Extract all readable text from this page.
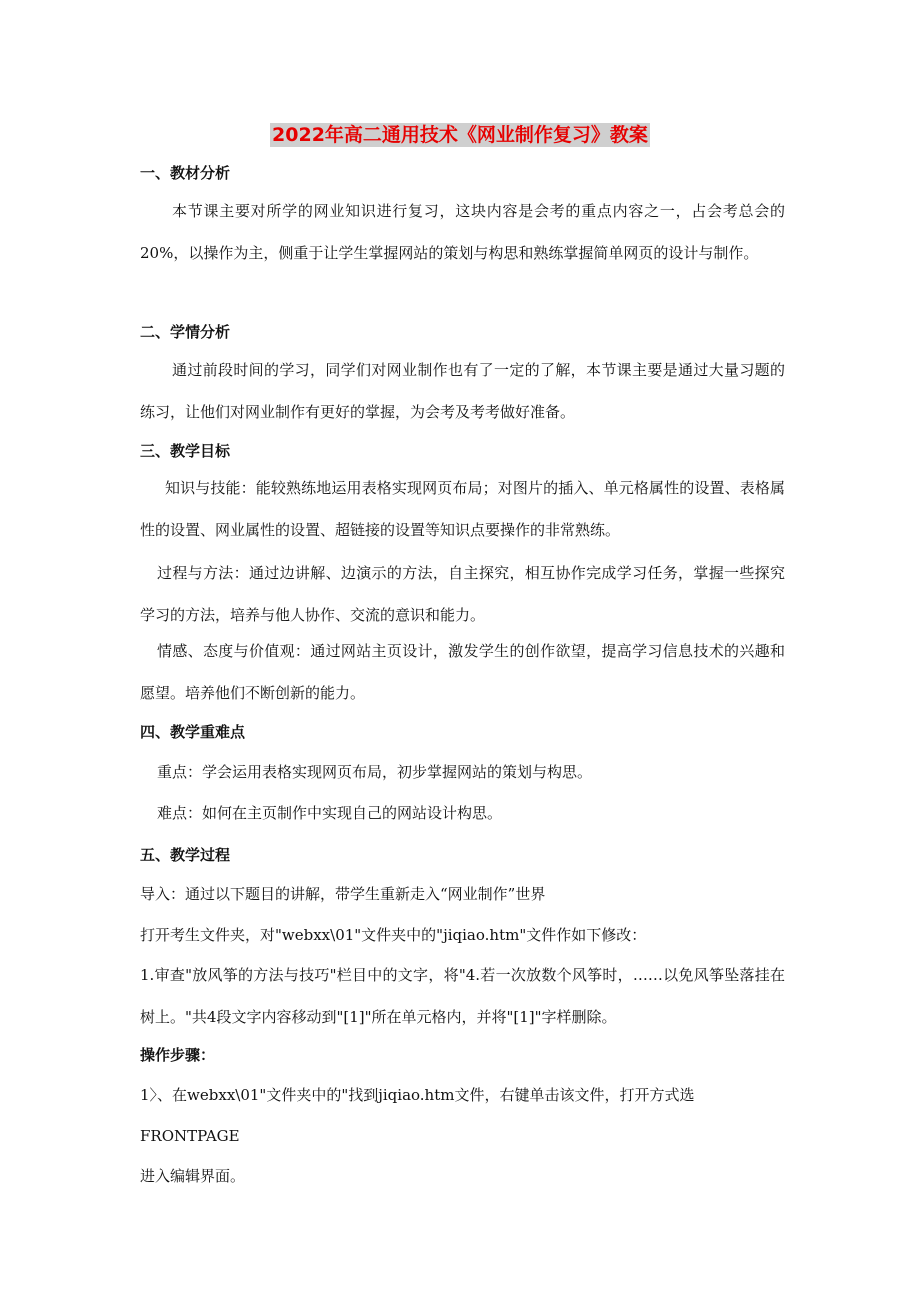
2022年高二通用技术《网业制作复习》教案
一、教材分析
本节课主要对所学的网业知识进行复习，这块内容是会考的重点内容之一，占会考总会的20%，以操作为主，侧重于让学生掌握网站的策划与构思和熟练掌握简单网页的设计与制作。
二、学情分析
通过前段时间的学习，同学们对网业制作也有了一定的了解，本节课主要是通过大量习题的练习，让他们对网业制作有更好的掌握，为会考及考考做好准备。
三、教学目标
知识与技能：能较熟练地运用表格实现网页布局；对图片的插入、单元格属性的设置、表格属性的设置、网业属性的设置、超链接的设置等知识点要操作的非常熟练。
过程与方法：通过边讲解、边演示的方法，自主探究，相互协作完成学习任务，掌握一些探究学习的方法，培养与他人协作、交流的意识和能力。
情感、态度与价值观：通过网站主页设计，激发学生的创作欲望，提高学习信息技术的兴趣和愿望。培养他们不断创新的能力。
四、教学重难点
重点：学会运用表格实现网页布局，初步掌握网站的策划与构思。
难点：如何在主页制作中实现自己的网站设计构思。
五、教学过程
导入：通过以下题目的讲解，带学生重新走入“网业制作”世界
打开考生文件夹，对"webxx\01"文件夹中的"jiqiao.htm"文件作如下修改：
1.审查"放风筝的方法与技巧"栏目中的文字，将"4.若一次放数个风筝时，……以免风筝坠落挂在树上。"共4段文字内容移动到"[1]"所在单元格内，并将"[1]"字样删除。
操作步骤：
1〉、在webxx\01"文件夹中的"找到jiqiao.htm文件，右键单击该文件，打开方式选
FRONTPAGE
进入编辑界面。
